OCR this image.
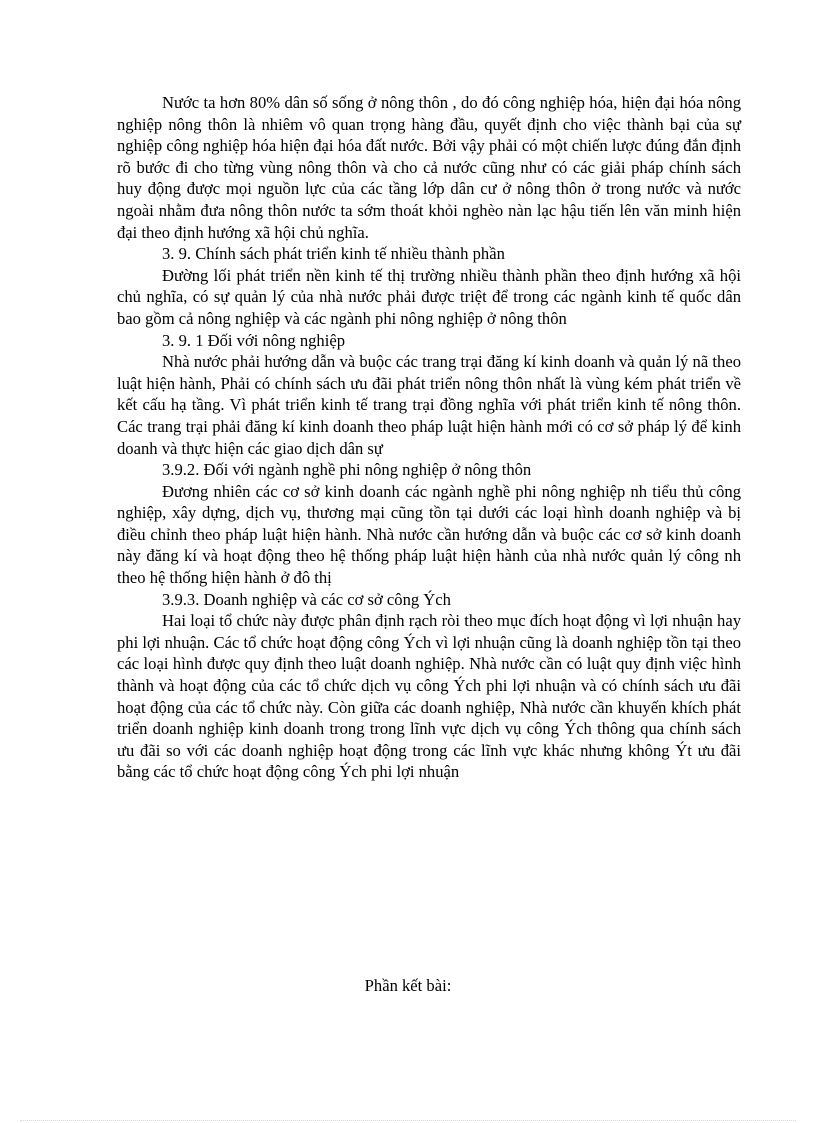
Nước ta hơn 80% dân số sống ở nông thôn , do đó công nghiệp hóa, hiện đại hóa nông nghiệp nông thôn là nhiêm vô quan trọng hàng đầu, quyết định cho việc thành bại của sự nghiệp công nghiệp hóa hiện đại hóa đất nước. Bởi vậy phải có một chiến lược đúng đắn định rõ bước đi cho từng vùng nông thôn và cho cả nước cũng như có các giải pháp chính sách huy động được mọi nguồn lực của các tầng lớp dân cư ở nông thôn ở trong nước và nước ngoài nhằm đưa nông thôn nước ta sớm thoát khỏi nghèo nàn lạc hậu tiến lên văn minh hiện đại theo định hướng xã hội chủ nghĩa.

3. 9. Chính sách phát triển kinh tế nhiều thành phần

Đường lối phát triển nền kinh tế thị trường nhiều thành phần theo định hướng xã hội chủ nghĩa, có sự quản lý của nhà nước phải được triệt để trong các ngành kinh tế quốc dân bao gồm cả nông nghiệp và các ngành phi nông nghiệp ở nông thôn

3. 9. 1 Đối với nông nghiệp

Nhà nước phải hướng dẫn và buộc các trang trại đăng kí kinh doanh và quản lý nã theo luật hiện hành, Phải có chính sách ưu đãi phát triển nông thôn nhất là vùng kém phát triển về kết cấu hạ tầng. Vì phát triển kinh tế trang trại đồng nghĩa với phát triển kinh tế nông thôn. Các trang trại phải đăng kí kinh doanh theo pháp luật hiện hành mới có cơ sở pháp lý để kinh doanh và thực hiện các giao dịch dân sự

3.9.2. Đối với ngành nghề phi nông nghiệp ở nông thôn

Đương nhiên các cơ sở kinh doanh các ngành nghề phi nông nghiệp nh tiểu thủ công nghiệp, xây dựng, dịch vụ, thương mại cũng tồn tại dưới các loại hình doanh nghiệp và bị điều chỉnh theo pháp luật hiện hành. Nhà nước cần hướng dẫn và buộc các cơ sở kinh doanh này đăng kí và hoạt động theo hệ thống pháp luật hiện hành của nhà nước quản lý công nh theo hệ thống hiện hành ở đô thị

3.9.3. Doanh nghiệp và các cơ sở công Ých

Hai loại tổ chức này được phân định rạch ròi theo mục đích hoạt động vì lợi nhuận hay phi lợi nhuận. Các tổ chức hoạt động công Ých vì lợi nhuận cũng là doanh nghiệp tồn tại theo các loại hình được quy định theo luật doanh nghiệp. Nhà nước cần có luật quy định việc hình thành và hoạt động của các tổ chức dịch vụ công Ých phi lợi nhuận và có chính sách ưu đãi hoạt động của các tổ chức này. Còn giữa các doanh nghiệp, Nhà nước cần khuyến khích phát triển doanh nghiệp kinh doanh trong trong lĩnh vực dịch vụ công Ých thông qua chính sách ưu đãi so với các doanh nghiệp hoạt động trong các lĩnh vực khác nhưng không Ýt ưu đãi bằng các tổ chức hoạt động công Ých phi lợi nhuận

Phần kết bài:
